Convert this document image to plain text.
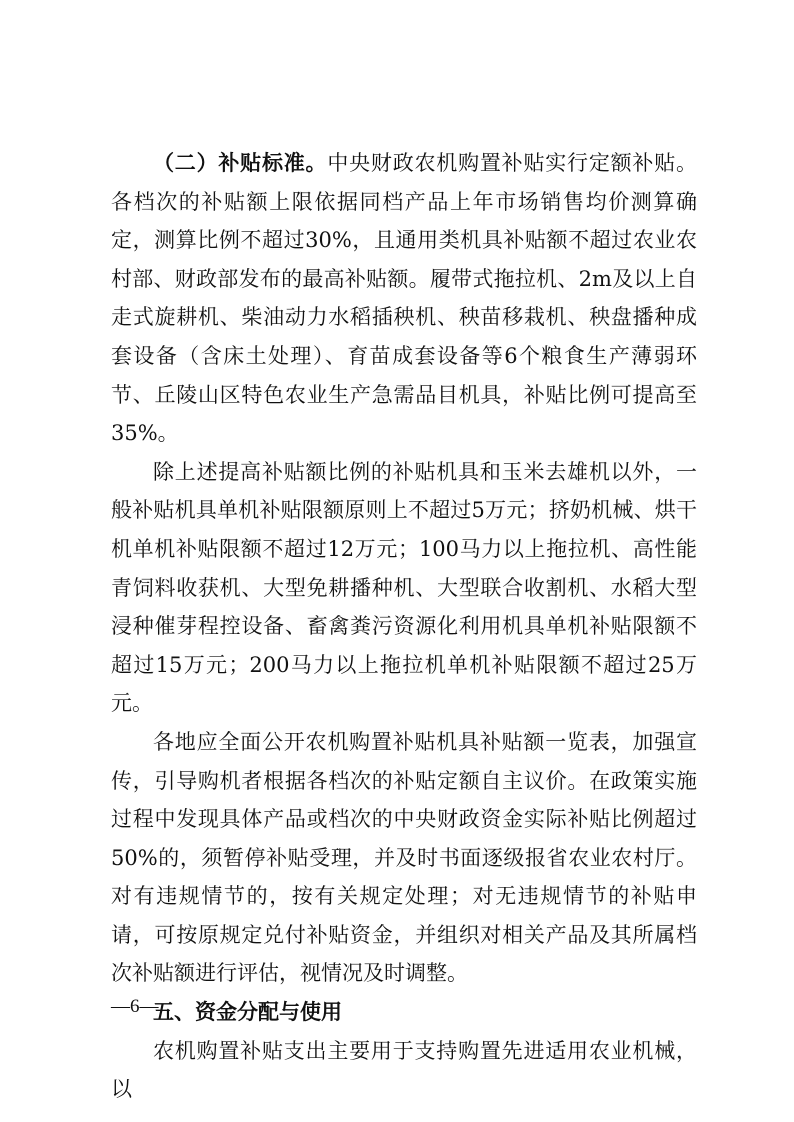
（二）补贴标准。中央财政农机购置补贴实行定额补贴。各档次的补贴额上限依据同档产品上年市场销售均价测算确定，测算比例不超过30%，且通用类机具补贴额不超过农业农村部、财政部发布的最高补贴额。履带式拖拉机、2m及以上自走式旋耕机、柴油动力水稻插秧机、秧苗移栽机、秧盘播种成套设备（含床土处理）、育苗成套设备等6个粮食生产薄弱环节、丘陵山区特色农业生产急需品目机具，补贴比例可提高至35%。

除上述提高补贴额比例的补贴机具和玉米去雄机以外，一般补贴机具单机补贴限额原则上不超过5万元；挤奶机械、烘干机单机补贴限额不超过12万元；100马力以上拖拉机、高性能青饲料收获机、大型免耕播种机、大型联合收割机、水稻大型浸种催芽程控设备、畜禽粪污资源化利用机具单机补贴限额不超过15万元；200马力以上拖拉机单机补贴限额不超过25万元。

各地应全面公开农机购置补贴机具补贴额一览表，加强宣传，引导购机者根据各档次的补贴定额自主议价。在政策实施过程中发现具体产品或档次的中央财政资金实际补贴比例超过50%的，须暂停补贴受理，并及时书面逐级报省农业农村厅。对有违规情节的，按有关规定处理；对无违规情节的补贴申请，可按原规定兑付补贴资金，并组织对相关产品及其所属档次补贴额进行评估，视情况及时调整。

五、资金分配与使用

农机购置补贴支出主要用于支持购置先进适用农业机械，以

—6—
